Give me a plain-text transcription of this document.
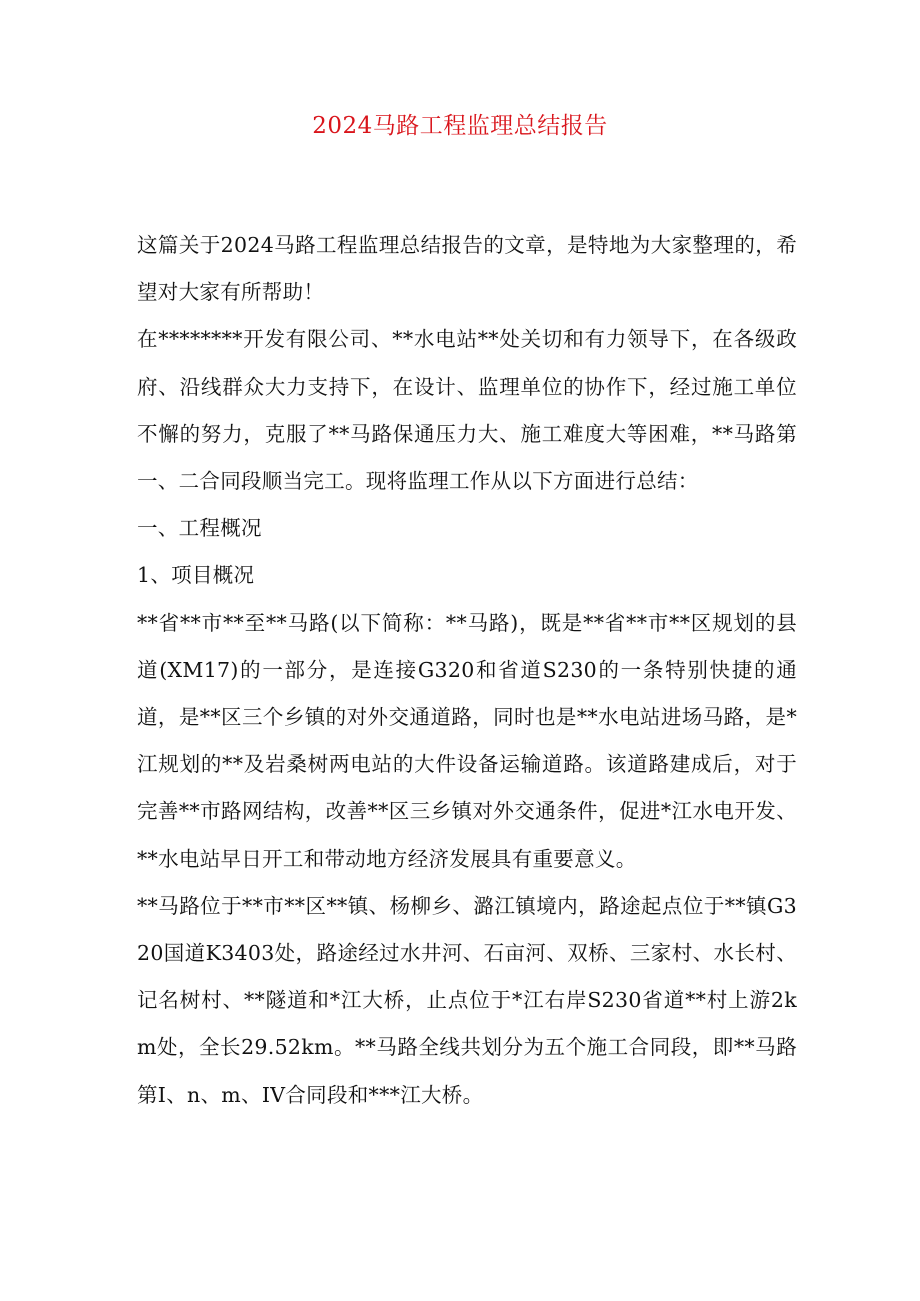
2024马路工程监理总结报告

这篇关于2024马路工程监理总结报告的文章，是特地为大家整理的，希望对大家有所帮助！

在********开发有限公司、**水电站**处关切和有力领导下，在各级政府、沿线群众大力支持下，在设计、监理单位的协作下，经过施工单位不懈的努力，克服了**马路保通压力大、施工难度大等困难，**马路第一、二合同段顺当完工。现将监理工作从以下方面进行总结：

一、工程概况

1、项目概况

**省**市**至**马路(以下简称：**马路)，既是**省**市**区规划的县道(XM17)的一部分，是连接G320和省道S230的一条特别快捷的通道，是**区三个乡镇的对外交通道路，同时也是**水电站进场马路，是*江规划的**及岩桑树两电站的大件设备运输道路。该道路建成后，对于完善**市路网结构，改善**区三乡镇对外交通条件，促进*江水电开发、**水电站早日开工和带动地方经济发展具有重要意义。

**马路位于**市**区**镇、杨柳乡、潞江镇境内，路途起点位于**镇G320国道K3403处，路途经过水井河、石亩河、双桥、三家村、水长村、记名树村、**隧道和*江大桥，止点位于*江右岸S230省道**村上游2km处，全长29.52km。**马路全线共划分为五个施工合同段，即**马路第I、n、m、IV合同段和***江大桥。
